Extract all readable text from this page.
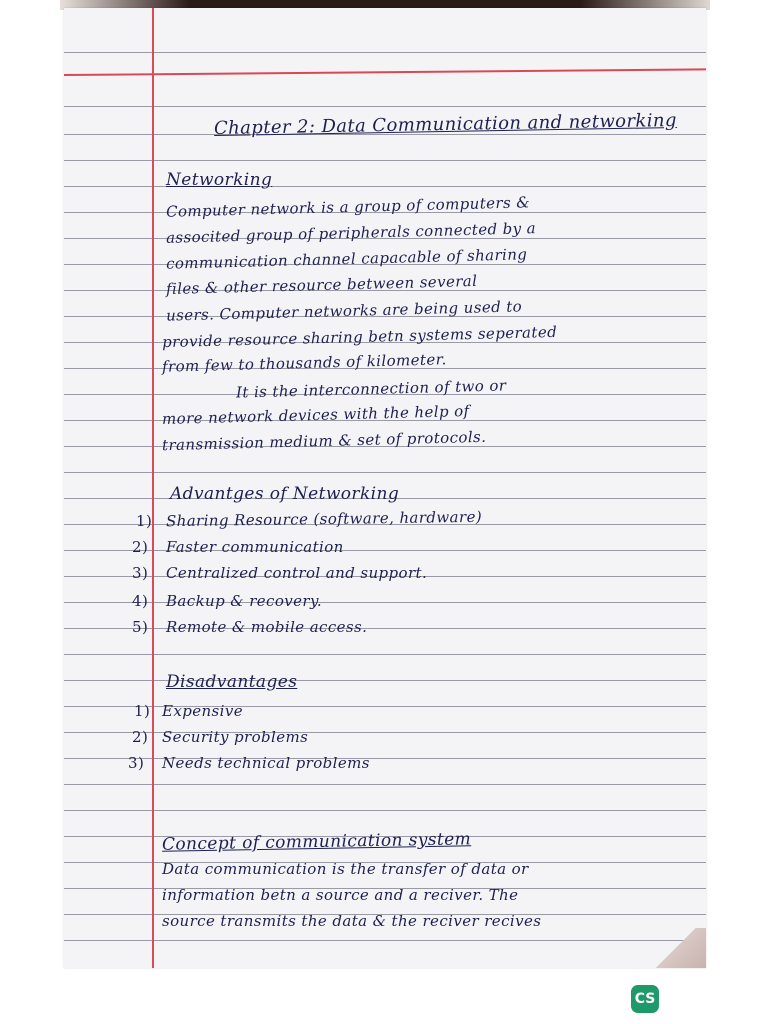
Chapter 2: Data Communication and networking
Networking
Computer network is a group of computers &
associted group of peripherals connected by a
communication channel capacable of sharing
files & other resource between several
users. Computer networks are being used to
provide resource sharing betn systems seperated
from few to thousands of kilometer.
It is the interconnection of two or
more network devices with the help of
transmission medium & set of protocols.
Advantges of Networking
1) Sharing Resource (software, hardware)
2) Faster communication
3) Centralized control and support.
4) Backup & recovery.
5) Remote & mobile access.
Disadvantages
1) Expensive
2) Security problems
3) Needs technical problems
Concept of communication system
Data communication is the transfer of data or
information betn a source and a reciver. The
source transmits the data & the reciver recives
CS
